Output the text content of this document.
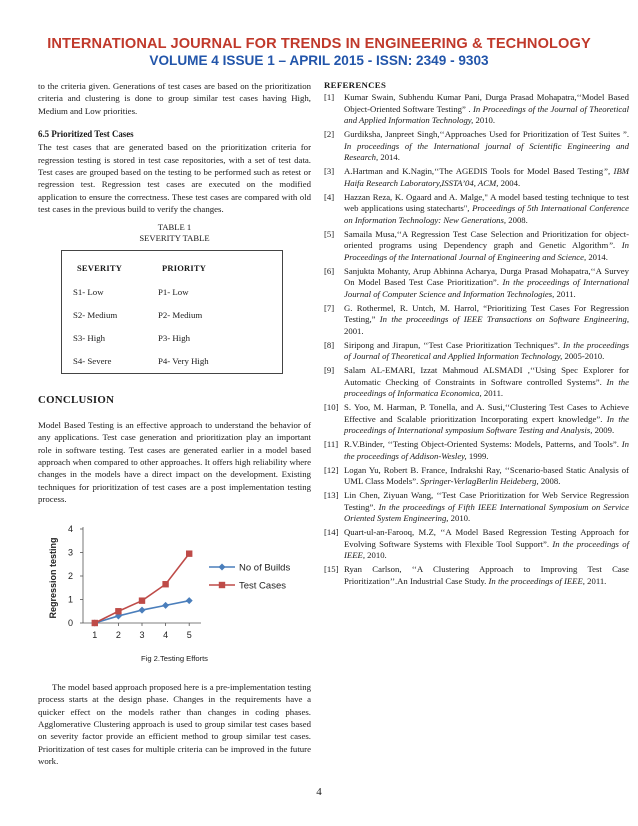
INTERNATIONAL JOURNAL FOR TRENDS IN ENGINEERING & TECHNOLOGY
VOLUME 4 ISSUE 1 – APRIL 2015 - ISSN: 2349 - 9303

to the criteria given. Generations of test cases are based on the prioritization criteria and clustering is done to group similar test cases having High, Medium and Low priorities.

6.5 Prioritized Test Cases

The test cases that are generated based on the prioritization criteria for regression testing is stored in test case repositories, with a set of test data. Test cases are grouped based on the testing to be performed such as retest or regression test. Regression test cases are executed on the modified application to ensure the correctness. These test cases are compared with old test cases in the previous build to verify the changes.

TABLE 1
SEVERITY TABLE
SEVERITY	PRIORITY
S1- Low	P1- Low
S2- Medium	P2- Medium
S3- High	P3- High
S4- Severe	P4- Very High
CONCLUSION

Model Based Testing is an effective approach to understand the behavior of any applications. Test case generation and prioritization play an important role in software testing. Test cases are generated earlier in a model based approach when compared to other approaches. It offers high reliability where changes in the models have a direct impact on the development. Existing techniques for prioritization of test cases are a post implementation testing process.

0
1
2
3
4
1 2 3 4 5
Regression testing	No of Builds
Test Cases
Fig 2.Testing Efforts

The model based approach proposed here is a pre-implementation testing process starts at the design phase. Changes in the requirements have a quicker effect on the models rather than changes in coding phases. Agglomerative Clustering approach is used to group similar test cases based on severity factor provide an efficient method to group similar test cases. Prioritization of test cases for multiple criteria can be improved in the future work.

REFERENCES
[1] Kumar Swain, Subhendu Kumar Pani, Durga Prasad Mohapatra,‘‘Model Based Object-Oriented Software Testing” . In Proceedings of the Journal of Theoretical and Applied Information Technology, 2010.
[2] Gurdiksha, Janpreet Singh,‘‘Approaches Used for Prioritization of Test Suites ”. In proceedings of the International journal of Scientific Engineering and Research, 2014.
[3] A.Hartman and K.Nagin,‘‘The AGEDIS Tools for Model Based Testing”, IBM Haifa Research Laboratory,ISSTA’04, ACM, 2004.
[4] Hazzan Reza, K. Ogaard and A. Malge," A model based testing technique to test web applications using statecharts", Proceedings of 5th International Conference on Information Technology: New Generations, 2008.
[5] Samaila Musa,‘‘A Regression Test Case Selection and Prioritization for object-oriented programs using Dependency graph and Genetic Algorithm”. In Proceedings of the International Journal of Engineering and Science, 2014.
[6] Sanjukta Mohanty, Arup Abhinna Acharya, Durga Prasad Mohapatra,‘‘A Survey On Model Based Test Case Prioritization”. In the proceedings of International Journal of Computer Science and Information Technologies, 2011.
[7] G. Rothermel, R. Untch, M. Harrol, “Prioritizing Test Cases For Regression Testing,” In the proceedings of IEEE Transactions on Software Engineering, 2001.
[8] Siripong and Jirapun, ‘‘Test Case Prioritization Techniques”. In the proceedings of Journal of Theoretical and Applied Information Technology, 2005-2010.
[9] Salam AL-EMARI, Izzat Mahmoud ALSMADI ,‘‘Using Spec Explorer for Automatic Checking of Constraints in Software controlled Systems”. In the proceedings of Informatica Economica, 2011.
[10] S. Yoo, M. Harman, P. Tonella, and A. Susi,‘‘Clustering Test Cases to Achieve Effective and Scalable prioritization Incorporating expert knowledge”. In the proceedings of International symposium Software Testing and Analysis, 2009.
[11] R.V.Binder, ‘‘Testing Object-Oriented Systems: Models, Patterns, and Tools”. In the proceedings of Addison-Wesley, 1999.
[12] Logan Yu, Robert B. France, Indrakshi Ray, ‘‘Scenario-based Static Analysis of UML Class Models”. Springer-VerlagBerlin Heideberg, 2008.
[13] Lin Chen, Ziyuan Wang, ‘‘Test Case Prioritization for Web Service Regression Testing”. In the proceedings of Fifth IEEE International Symposium on Service Oriented System Engineering, 2010.
[14] Quart-ul-an-Farooq, M.Z, ‘‘A Model Based Regression Testing Approach for Evolving Software Systems with Flexible Tool Support”. In the proceedings of IEEE, 2010.
[15] Ryan Carlson, ‘‘A Clustering Approach to Improving Test Case Prioritization’’.An Industrial Case Study. In the proceedings of IEEE, 2011.
4
